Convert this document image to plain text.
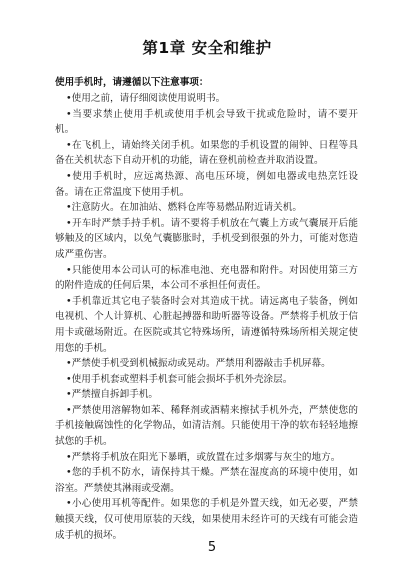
第1章 安全和维护
使用手机时，请遵循以下注意事项：

•使用之前，请仔细阅读使用说明书。

•当要求禁止使用手机或使用手机会导致干扰或危险时，请不要开机。

•在飞机上，请始终关闭手机。如果您的手机设置的闹钟、日程等具备在关机状态下自动开机的功能，请在登机前检查并取消设置。

•使用手机时，应远离热源、高电压环境，例如电器或电热烹饪设备。请在正常温度下使用手机。

•注意防火。在加油站、燃料仓库等易燃品附近请关机。

•开车时严禁手持手机。请不要将手机放在气囊上方或气囊展开后能够触及的区域内，以免气囊膨胀时，手机受到很强的外力，可能对您造成严重伤害。

•只能使用本公司认可的标准电池、充电器和附件。对因使用第三方的附件造成的任何后果，本公司不承担任何责任。

•手机靠近其它电子装备时会对其造成干扰。请远离电子装备，例如电视机、个人计算机、心脏起搏器和助听器等设备。严禁将手机放于信用卡或磁场附近。在医院或其它特殊场所，请遵循特殊场所相关规定使用您的手机。

•严禁使手机受到机械振动或晃动。严禁用利器敲击手机屏幕。

•使用手机套或塑料手机套可能会损坏手机外壳涂层。

•严禁擅自拆卸手机。

•严禁使用溶解物如苯、稀释剂或酒精来擦拭手机外壳，严禁使您的手机接触腐蚀性的化学物品，如清洁剂。只能使用干净的软布轻轻地擦拭您的手机。

•严禁将手机放在阳光下暴晒，或放置在过多烟雾与灰尘的地方。

•您的手机不防水，请保持其干燥。严禁在湿度高的环境中使用，如浴室。严禁使其淋雨或受潮。

•小心使用耳机等配件。如果您的手机是外置天线，如无必要，严禁触摸天线，仅可使用原装的天线，如果使用未经许可的天线有可能会造成手机的损坏。

5
